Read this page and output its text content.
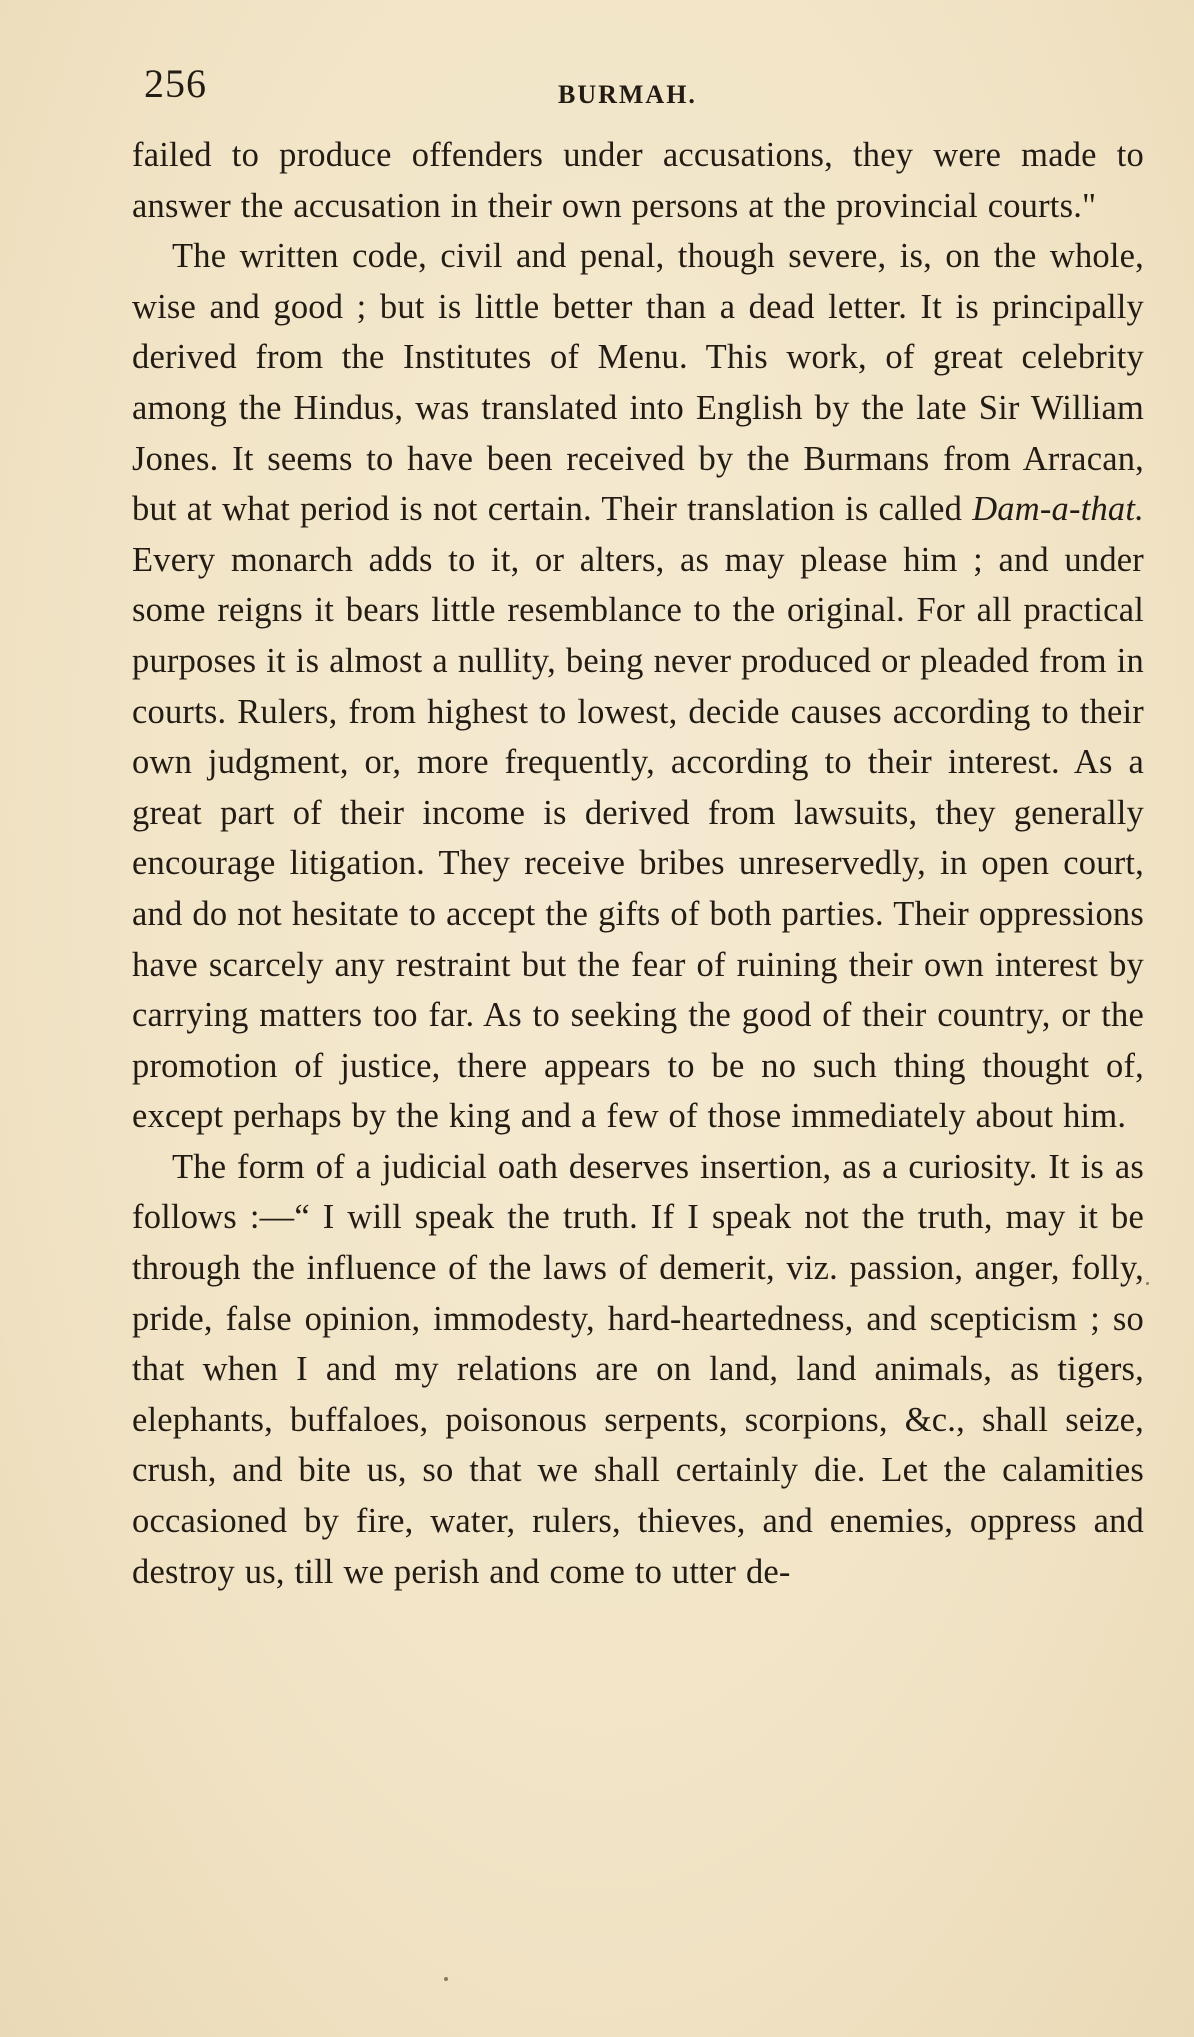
256	BURMAH.

failed to produce offenders under accusations, they were made to answer the accusation in their own persons at the provincial courts."

The written code, civil and penal, though severe, is, on the whole, wise and good ; but is little better than a dead letter. It is principally derived from the Institutes of Menu. This work, of great celebrity among the Hindus, was translated into English by the late Sir William Jones. It seems to have been received by the Burmans from Arracan, but at what period is not certain. Their translation is called Dam-a-that. Every monarch adds to it, or alters, as may please him ; and under some reigns it bears little resemblance to the original. For all practical purposes it is almost a nullity, being never produced or pleaded from in courts. Rulers, from highest to lowest, decide causes according to their own judgment, or, more frequently, according to their interest. As a great part of their income is derived from lawsuits, they generally encourage litigation. They receive bribes unreservedly, in open court, and do not hesitate to accept the gifts of both parties. Their oppressions have scarcely any restraint but the fear of ruining their own interest by carrying matters too far. As to seeking the good of their country, or the promotion of justice, there appears to be no such thing thought of, except perhaps by the king and a few of those immediately about him.

The form of a judicial oath deserves insertion, as a curiosity. It is as follows :—“ I will speak the truth. If I speak not the truth, may it be through the influence of the laws of demerit, viz. passion, anger, folly, pride, false opinion, immodesty, hard-heartedness, and scepticism ; so that when I and my relations are on land, land animals, as tigers, elephants, buffaloes, poisonous serpents, scorpions, &c., shall seize, crush, and bite us, so that we shall certainly die. Let the calamities occasioned by fire, water, rulers, thieves, and enemies, oppress and destroy us, till we perish and come to utter de-
